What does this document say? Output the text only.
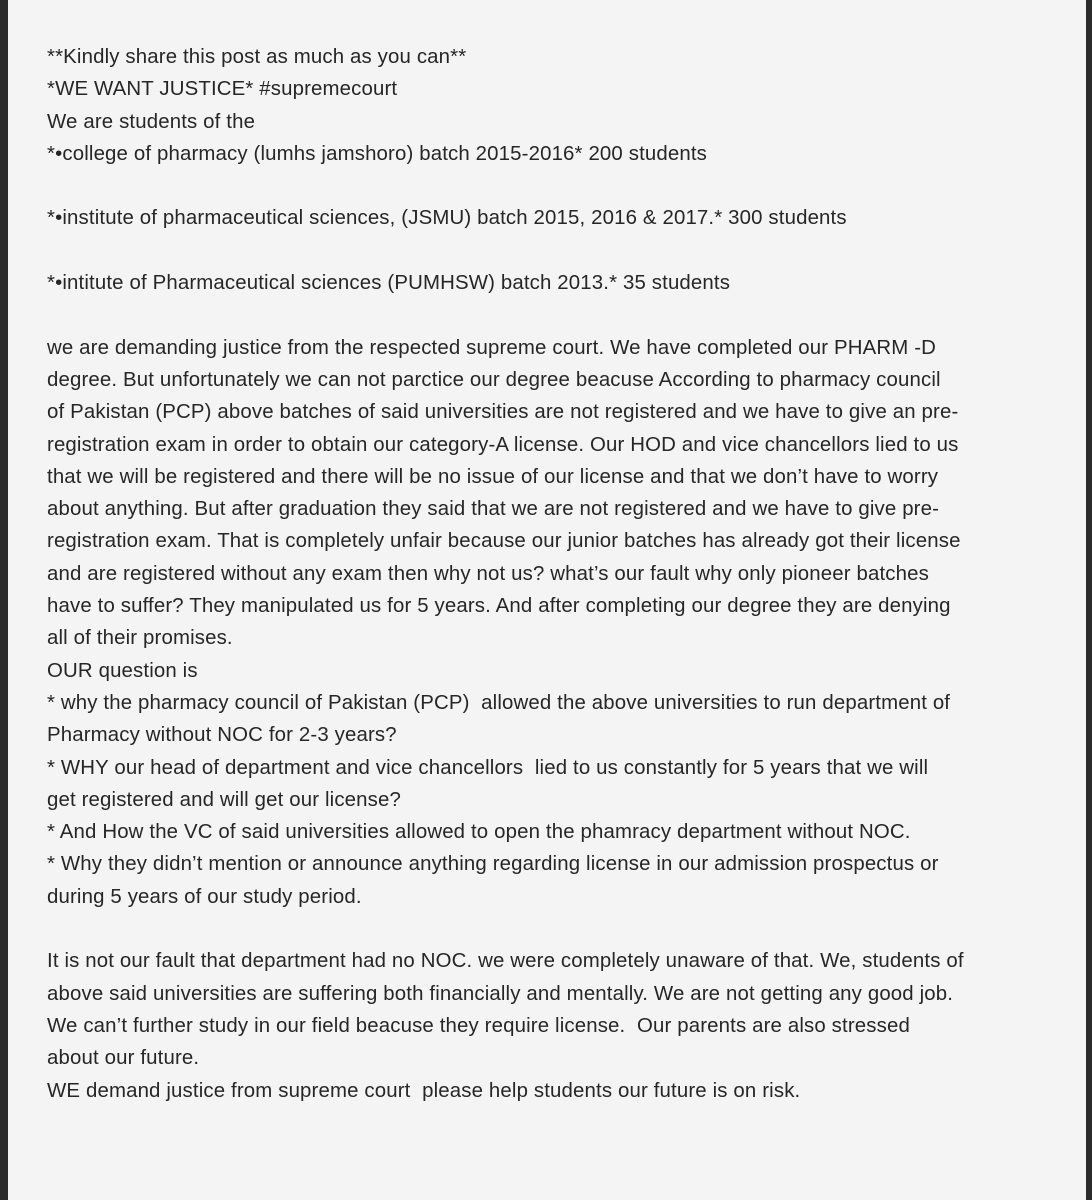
**Kindly share this post as much as you can**
*WE WANT JUSTICE* #supremecourt
We are students of the
*•college of pharmacy (lumhs jamshoro) batch 2015-2016* 200 students
*•institute of pharmaceutical sciences, (JSMU) batch 2015, 2016 & 2017.* 300 students
*•intitute of Pharmaceutical sciences (PUMHSW) batch 2013.* 35 students
we are demanding justice from the respected supreme court. We have completed our PHARM -D
degree. But unfortunately we can not parctice our degree beacuse According to pharmacy council
of Pakistan (PCP) above batches of said universities are not registered and we have to give an pre-
registration exam in order to obtain our category-A license. Our HOD and vice chancellors lied to us
that we will be registered and there will be no issue of our license and that we don’t have to worry
about anything. But after graduation they said that we are not registered and we have to give pre-
registration exam. That is completely unfair because our junior batches has already got their license
and are registered without any exam then why not us? what’s our fault why only pioneer batches
have to suffer? They manipulated us for 5 years. And after completing our degree they are denying
all of their promises.
OUR question is
* why the pharmacy council of Pakistan (PCP)  allowed the above universities to run department of
Pharmacy without NOC for 2-3 years?
* WHY our head of department and vice chancellors  lied to us constantly for 5 years that we will
get registered and will get our license?
* And How the VC of said universities allowed to open the phamracy department without NOC.
* Why they didn’t mention or announce anything regarding license in our admission prospectus or
during 5 years of our study period.
It is not our fault that department had no NOC. we were completely unaware of that. We, students of
above said universities are suffering both financially and mentally. We are not getting any good job.
We can’t further study in our field beacuse they require license.  Our parents are also stressed
about our future.
WE demand justice from supreme court  please help students our future is on risk.
